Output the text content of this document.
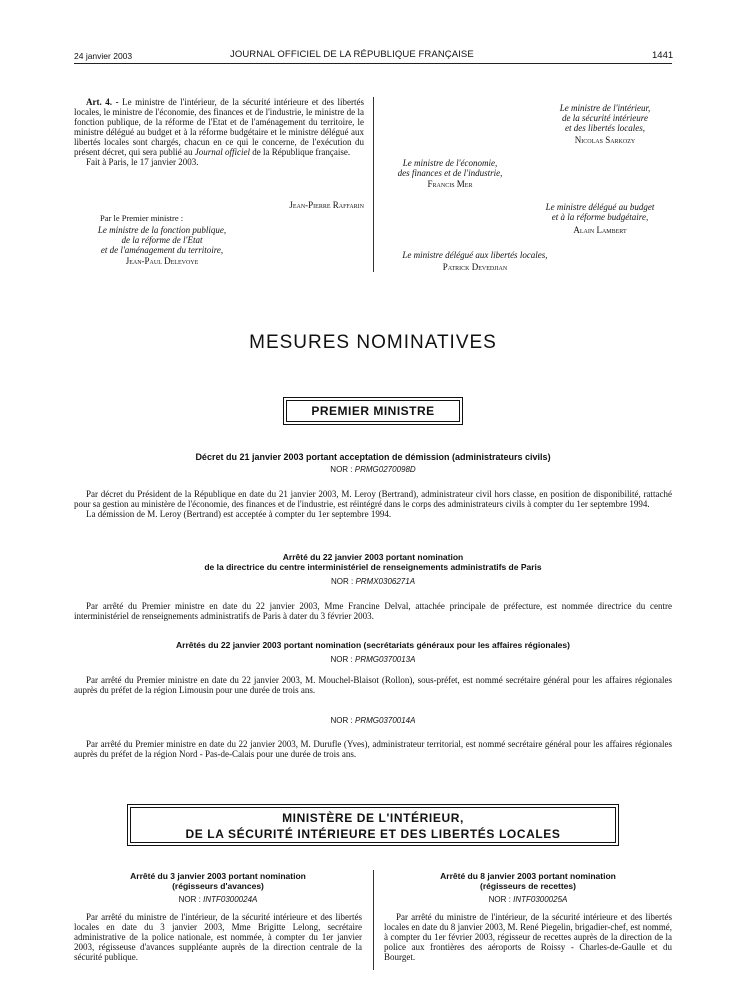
24 janvier 2003	JOURNAL OFFICIEL DE LA RÉPUBLIQUE FRANÇAISE	1441

Art. 4. - Le ministre de l'intérieur, de la sécurité intérieure et des libertés locales, le ministre de l'économie, des finances et de l'industrie, le ministre de la fonction publique, de la réforme de l'Etat et de l'aménagement du territoire, le ministre délégué au budget et à la réforme budgétaire et le ministre délégué aux libertés locales sont chargés, chacun en ce qui le concerne, de l'exécution du présent décret, qui sera publié au Journal officiel de la République française.

Fait à Paris, le 17 janvier 2003.

Jean-Pierre Raffarin
Par le Premier ministre :

Le ministre de la fonction publique,

de la réforme de l'Etat

et de l'aménagement du territoire,

Jean-Paul Delevoye

Le ministre de l'intérieur,

de la sécurité intérieure

et des libertés locales,

Nicolas Sarkozy

Le ministre de l'économie,

des finances et de l'industrie,

Francis Mer

Le ministre délégué au budget

et à la réforme budgétaire,

Alain Lambert
Le ministre délégué aux libertés locales,
Patrick Devedjian
MESURES NOMINATIVES
PREMIER MINISTRE
Décret du 21 janvier 2003 portant acceptation de démission (administrateurs civils)
NOR : PRMG0270098D

Par décret du Président de la République en date du 21 janvier 2003, M. Leroy (Bertrand), administrateur civil hors classe, en position de disponibilité, rattaché pour sa gestion au ministère de l'économie, des finances et de l'industrie, est réintégré dans le corps des administrateurs civils à compter du 1er septembre 1994.

La démission de M. Leroy (Bertrand) est acceptée à compter du 1er septembre 1994.

Arrêté du 22 janvier 2003 portant nomination

de la directrice du centre interministériel de renseignements administratifs de Paris

NOR : PRMX0306271A

Par arrêté du Premier ministre en date du 22 janvier 2003, Mme Francine Delval, attachée principale de préfecture, est nommée directrice du centre interministériel de renseignements administratifs de Paris à dater du 3 février 2003.

Arrêtés du 22 janvier 2003 portant nomination (secrétariats généraux pour les affaires régionales)
NOR : PRMG0370013A

Par arrêté du Premier ministre en date du 22 janvier 2003, M. Mouchel-Blaisot (Rollon), sous-préfet, est nommé secrétaire général pour les affaires régionales auprès du préfet de la région Limousin pour une durée de trois ans.

NOR : PRMG0370014A

Par arrêté du Premier ministre en date du 22 janvier 2003, M. Durufle (Yves), administrateur territorial, est nommé secrétaire général pour les affaires régionales auprès du préfet de la région Nord - Pas-de-Calais pour une durée de trois ans.

MINISTÈRE DE L'INTÉRIEUR,

DE LA SÉCURITÉ INTÉRIEURE ET DES LIBERTÉS LOCALES

Arrêté du 3 janvier 2003 portant nomination

(régisseurs d'avances)

NOR : INTF0300024A

Par arrêté du ministre de l'intérieur, de la sécurité intérieure et des libertés locales en date du 3 janvier 2003, Mme Brigitte Lelong, secrétaire administrative de la police nationale, est nommée, à compter du 1er janvier 2003, régisseuse d'avances suppléante auprès de la direction centrale de la sécurité publique.

Arrêté du 8 janvier 2003 portant nomination

(régisseurs de recettes)

NOR : INTF0300025A

Par arrêté du ministre de l'intérieur, de la sécurité intérieure et des libertés locales en date du 8 janvier 2003, M. René Piegelin, brigadier-chef, est nommé, à compter du 1er février 2003, régisseur de recettes auprès de la direction de la police aux frontières des aéroports de Roissy - Charles-de-Gaulle et du Bourget.
